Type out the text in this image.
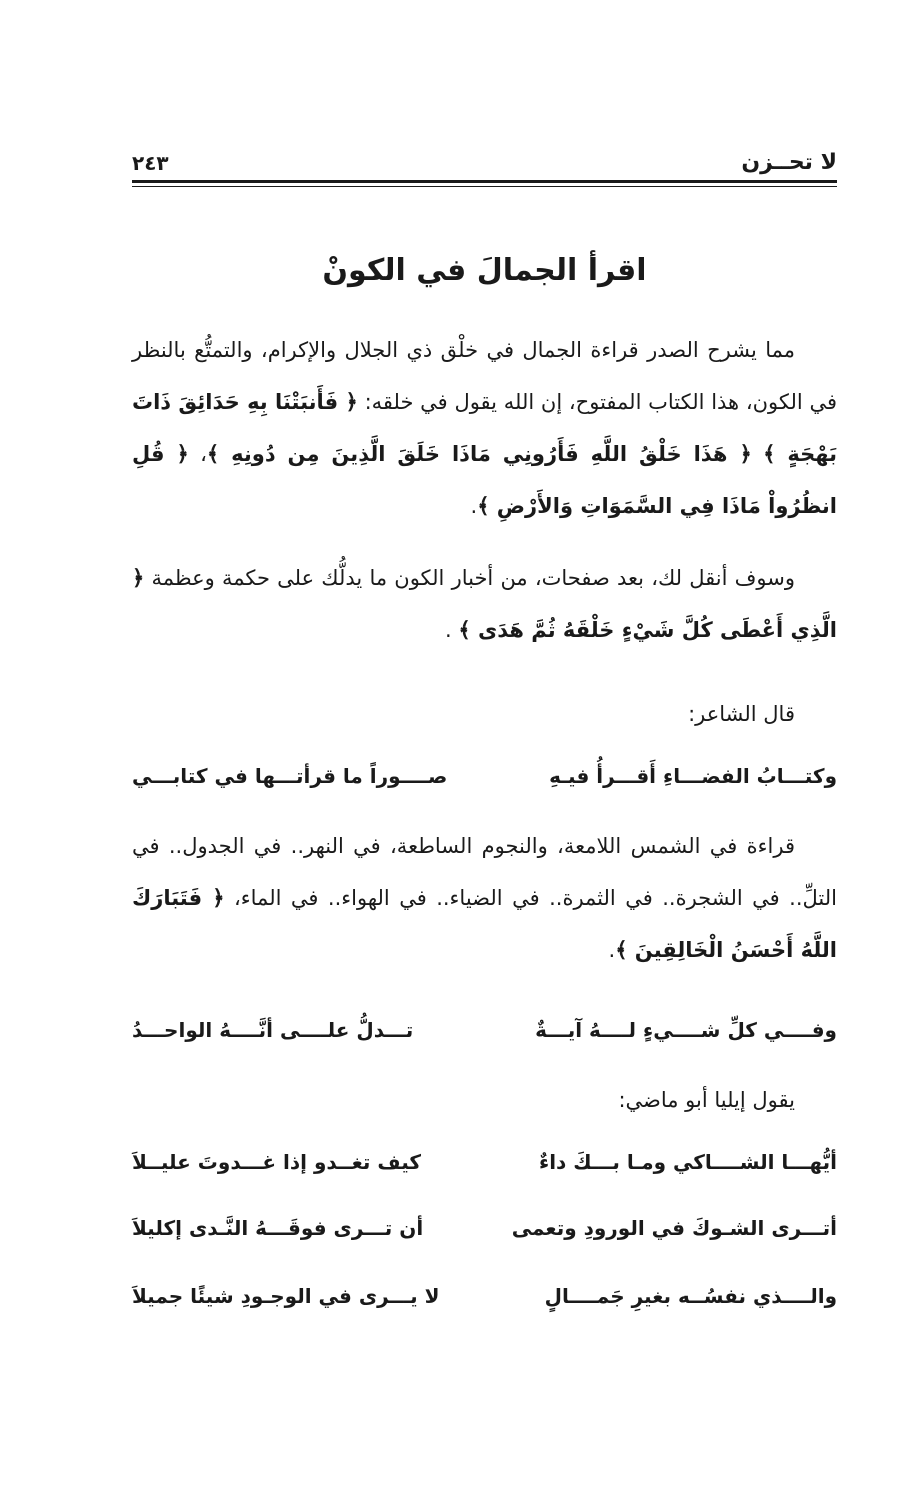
لا تحــزن
٢٤٣
اقرأ الجمالَ في الكونْ

مما يشرح الصدر قراءة الجمال في خلْق ذي الجلال والإكرام، والتمتُّع بالنظر في الكون، هذا الكتاب المفتوح، إن الله يقول في خلقه: ﴿ فَأَنبَتْنَا بِهِ حَدَائِقَ ذَاتَ بَهْجَةٍ ﴾ ﴿ هَذَا خَلْقُ اللَّهِ فَأَرُونِي مَاذَا خَلَقَ الَّذِينَ مِن دُونِهِ ﴾، ﴿ قُلِ انظُرُواْ مَاذَا فِي السَّمَوَاتِ وَالأَرْضِ ﴾.

وسوف أنقل لك، بعد صفحات، من أخبار الكون ما يدلُّك على حكمة وعظمة ﴿ الَّذِي أَعْطَى كُلَّ شَيْءٍ خَلْقَهُ ثُمَّ هَدَى ﴾ .

قال الشاعر:

وكتـــابُ الفضـــاءِ أَقـــرأُ فيـهِ
صــــوراً ما قرأتـــها في كتابـــي

قراءة في الشمس اللامعة، والنجوم الساطعة، في النهر.. في الجدول.. في التلِّ.. في الشجرة.. في الثمرة.. في الضياء.. في الهواء.. في الماء، ﴿ فَتَبَارَكَ اللَّهُ أَحْسَنُ الْخَالِقِينَ ﴾.

وفــــي كلِّ شــــيءٍ لــــهُ آيـــةٌ
تـــدلُّ علــــى أنَّــــهُ الواحـــدُ

يقول إيليا أبو ماضي:

أيُّهـــا الشــــاكي ومـا بـــكَ داءٌ
كيف تغــدو إذا غـــدوتَ عليــلاَ
أتـــرى الشـوكَ في الورودِ وتعمى
أن تـــرى فوقَـــهُ النَّـدى إكليلاَ
والــــذي نفسُــه بغيرِ جَمــــالٍ
لا يـــرى في الوجـودِ شيئًا جميلاَ
